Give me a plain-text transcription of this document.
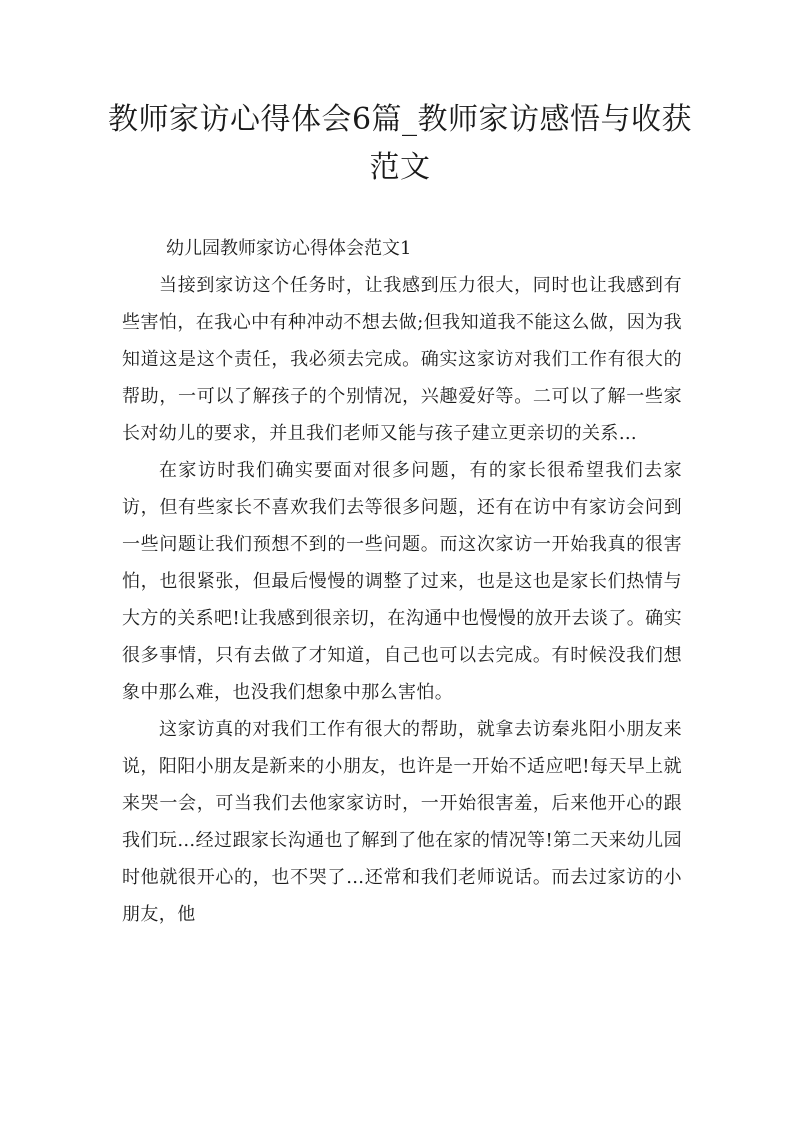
教师家访心得体会6篇_教师家访感悟与收获范文

幼儿园教师家访心得体会范文1

当接到家访这个任务时，让我感到压力很大，同时也让我感到有些害怕，在我心中有种冲动不想去做;但我知道我不能这么做，因为我知道这是这个责任，我必须去完成。确实这家访对我们工作有很大的帮助，一可以了解孩子的个别情况，兴趣爱好等。二可以了解一些家长对幼儿的要求，并且我们老师又能与孩子建立更亲切的关系…

在家访时我们确实要面对很多问题，有的家长很希望我们去家访，但有些家长不喜欢我们去等很多问题，还有在访中有家访会问到一些问题让我们预想不到的一些问题。而这次家访一开始我真的很害怕，也很紧张，但最后慢慢的调整了过来，也是这也是家长们热情与大方的关系吧!让我感到很亲切，在沟通中也慢慢的放开去谈了。确实很多事情，只有去做了才知道，自己也可以去完成。有时候没我们想象中那么难，也没我们想象中那么害怕。

这家访真的对我们工作有很大的帮助，就拿去访秦兆阳小朋友来说，阳阳小朋友是新来的小朋友，也许是一开始不适应吧!每天早上就来哭一会，可当我们去他家家访时，一开始很害羞，后来他开心的跟我们玩…经过跟家长沟通也了解到了他在家的情况等!第二天来幼儿园时他就很开心的，也不哭了…还常和我们老师说话。而去过家访的小朋友，他
